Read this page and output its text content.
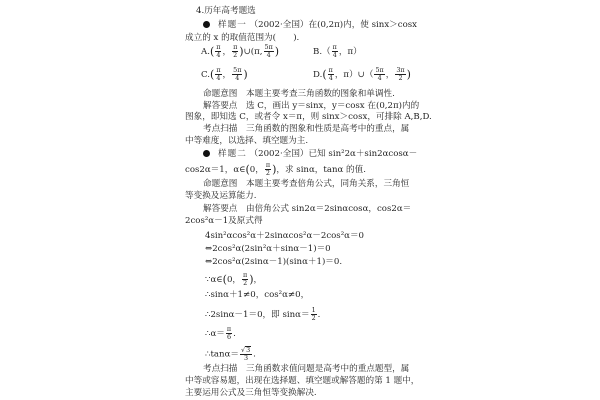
4.历年高考题选
样题一 （2002·全国）在(0,2π)内，使 sinx＞cosx
成立的 x 的取值范围为(　　).
$A.( \frac{\pi}{4}$ ， $\frac{\pi}{2}$ )∪(π, $\frac{5\pi}{4}$ )	$B.( \frac{\pi}{4}$ ，π）
$C.( \frac{\pi}{4}$ ， $\frac{5\pi}{4}$ )	$D.( \frac{\pi}{4}$ ，π）∪（ $\frac{5\pi}{4}$ ， $\frac{3\pi}{2}$ )
命题意图　本题主要考查三角函数的图象和单调性.
解答要点　选 C，画出 y＝sinx，y＝cosx 在(0,2π)内的
图象，即知选 C，或者令 x＝π，则 sinx＞cosx，可排除 A,B,D.
考点扫描　三角函数的图象和性质是高考中的重点，属
中等难度，以选择、填空题为主.
样题二 （2002·全国）已知 sin²2α＋sin2αcosα－
cos2α＝1，α∈(0， $\frac{\pi}{2}$ )，求 sinα，tanα 的值.
命题意图　本题主要考查倍角公式，同角关系，三角恒
等变换及运算能力.
解答要点　由倍角公式 sin2α＝2sinαcosα，cos2α＝
2cos²α－1及原式得
4sin²αcos²α＋2sinαcos²α－2cos²α＝0
⇔2cos²α(2sin²α＋sinα－1)＝0
⇔2cos²α(2sinα－1)(sinα＋1)＝0.
∵α∈(0， $\frac{\pi}{2}$ )，
∴sinα＋1≠0，cos²α≠0，
∴2sinα－1＝0，即 $\sin\alpha= \frac{1}{2}$ .
∴α＝ $\frac{\pi}{6}$ .
∴tanα＝ $\frac{√3}{3}$ .
考点扫描　三角函数求值问题是高考中的重点题型，属
中等或容易题，出现在选择题、填空题或解答题的第 1 题中，
主要运用公式及三角恒等变换解决.
